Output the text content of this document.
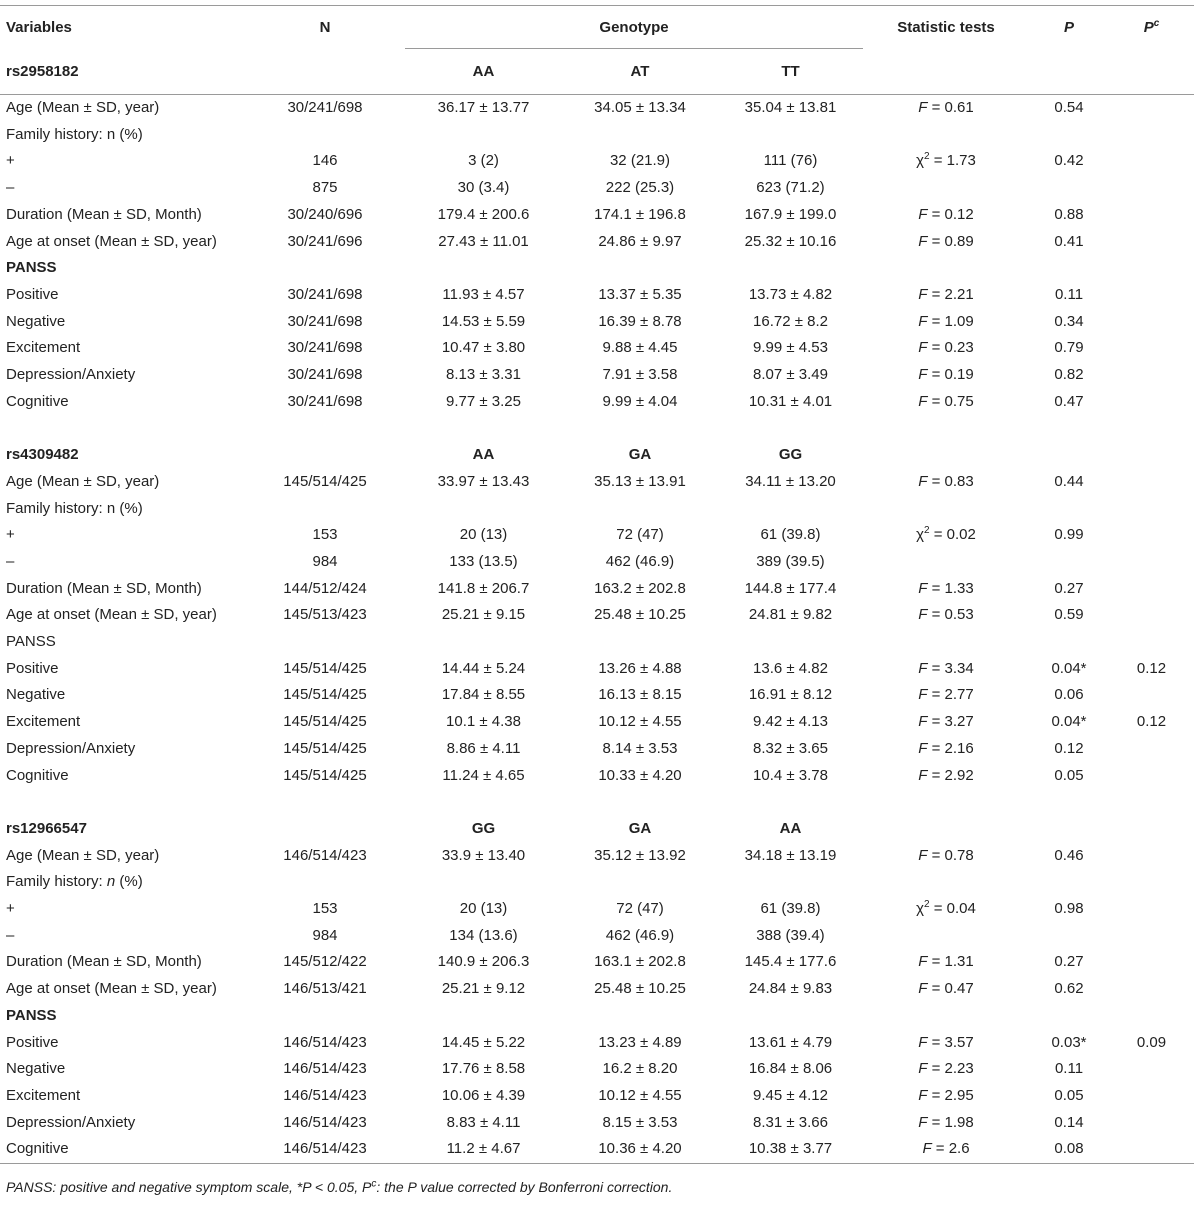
Variables	N	Genotype			Statistic tests	P	$P^c$
rs2958182		AA	AT	TT			
Age (Mean ± SD, year)	30/241/698	36.17 ± 13.77	34.05 ± 13.34	35.04 ± 13.81	F = 0.61	0.54	
Family history: n (%)							
+	146	3 (2)	32 (21.9)	111 (76)	$\chi^2 = 1.73$	0.42	
–	875	30 (3.4)	222 (25.3)	623 (71.2)			
Duration (Mean ± SD, Month)	30/240/696	179.4 ± 200.6	174.1 ± 196.8	167.9 ± 199.0	F = 0.12	0.88	
Age at onset (Mean ± SD, year)	30/241/696	27.43 ± 11.01	24.86 ± 9.97	25.32 ± 10.16	F = 0.89	0.41	
PANSS							
Positive	30/241/698	11.93 ± 4.57	13.37 ± 5.35	13.73 ± 4.82	F = 2.21	0.11	
Negative	30/241/698	14.53 ± 5.59	16.39 ± 8.78	16.72 ± 8.2	F = 1.09	0.34	
Excitement	30/241/698	10.47 ± 3.80	9.88 ± 4.45	9.99 ± 4.53	F = 0.23	0.79	
Depression/Anxiety	30/241/698	8.13 ± 3.31	7.91 ± 3.58	8.07 ± 3.49	F = 0.19	0.82	
Cognitive	30/241/698	9.77 ± 3.25	9.99 ± 4.04	10.31 ± 4.01	F = 0.75	0.47	

rs4309482		AA	GA	GG			
Age (Mean ± SD, year)	145/514/425	33.97 ± 13.43	35.13 ± 13.91	34.11 ± 13.20	F = 0.83	0.44	
Family history: n (%)							
+	153	20 (13)	72 (47)	61 (39.8)	$\chi^2 = 0.02$	0.99	
–	984	133 (13.5)	462 (46.9)	389 (39.5)			
Duration (Mean ± SD, Month)	144/512/424	141.8 ± 206.7	163.2 ± 202.8	144.8 ± 177.4	F = 1.33	0.27	
Age at onset (Mean ± SD, year)	145/513/423	25.21 ± 9.15	25.48 ± 10.25	24.81 ± 9.82	F = 0.53	0.59	
PANSS							
Positive	145/514/425	14.44 ± 5.24	13.26 ± 4.88	13.6 ± 4.82	F = 3.34	0.04*	0.12
Negative	145/514/425	17.84 ± 8.55	16.13 ± 8.15	16.91 ± 8.12	F = 2.77	0.06	
Excitement	145/514/425	10.1 ± 4.38	10.12 ± 4.55	9.42 ± 4.13	F = 3.27	0.04*	0.12
Depression/Anxiety	145/514/425	8.86 ± 4.11	8.14 ± 3.53	8.32 ± 3.65	F = 2.16	0.12	
Cognitive	145/514/425	11.24 ± 4.65	10.33 ± 4.20	10.4 ± 3.78	F = 2.92	0.05	

rs12966547		GG	GA	AA			
Age (Mean ± SD, year)	146/514/423	33.9 ± 13.40	35.12 ± 13.92	34.18 ± 13.19	F = 0.78	0.46	
Family history: n (%)							
+	153	20 (13)	72 (47)	61 (39.8)	$\chi^2 = 0.04$	0.98	
–	984	134 (13.6)	462 (46.9)	388 (39.4)			
Duration (Mean ± SD, Month)	145/512/422	140.9 ± 206.3	163.1 ± 202.8	145.4 ± 177.6	F = 1.31	0.27	
Age at onset (Mean ± SD, year)	146/513/421	25.21 ± 9.12	25.48 ± 10.25	24.84 ± 9.83	F = 0.47	0.62	
PANSS							
Positive	146/514/423	14.45 ± 5.22	13.23 ± 4.89	13.61 ± 4.79	F = 3.57	0.03*	0.09
Negative	146/514/423	17.76 ± 8.58	16.2 ± 8.20	16.84 ± 8.06	F = 2.23	0.11	
Excitement	146/514/423	10.06 ± 4.39	10.12 ± 4.55	9.45 ± 4.12	F = 2.95	0.05	
Depression/Anxiety	146/514/423	8.83 ± 4.11	8.15 ± 3.53	8.31 ± 3.66	F = 1.98	0.14	
Cognitive	146/514/423	11.2 ± 4.67	10.36 ± 4.20	10.38 ± 3.77	F = 2.6	0.08	
PANSS: positive and negative symptom scale, *P < 0.05, $P^c$: the P value corrected by Bonferroni correction.
